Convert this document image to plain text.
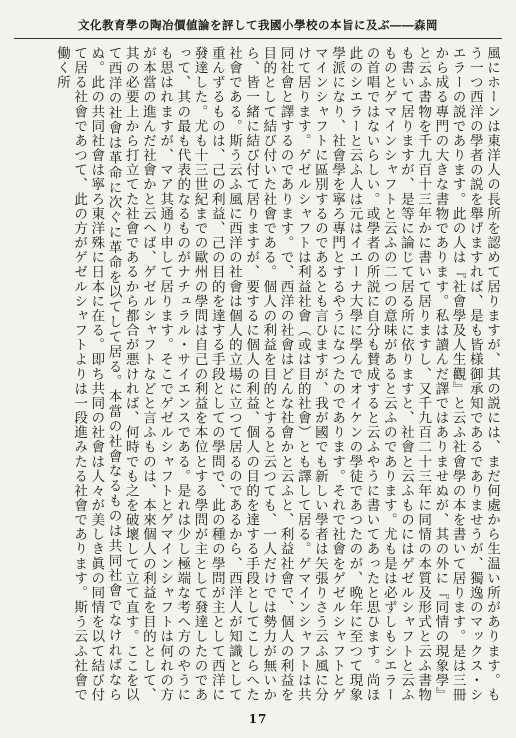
文化教育學の陶冶價値論を評して我國小學校の本旨に及ぶ――森岡

風にホーンは東洋人の長所を認めて居りますが、其の説には、まだ何處から生温い所があります。もう一つ西洋の學者の説を舉げますれば、是も皆様御承知であるでありませうが、獨逸のマックス・シエラーの説であります。此の人は『社會學及人生觀』と云ふ社會學の本を書いて居ります。是は三冊から成る專門の大きな書物であります。私は讀んだ譯ではありませぬが、其の外に『同情の現象學』と云ふ書物を千九百十三年かに書いて居りますし、又千九百二十三年に同情の本質及形式と云ふ書物も書いて居りますが、是等に論じて居る所に依りますと、社會と云ふものにはゲゼルシャフトと云ふものとゲマインシャフトと云ふの二つの意味があると云ふのであります。尤も是は必ずしもシエラーの首唱ではないらしい。或學者の所説に自分も賛成すると云ふやうに書いてあったと思ひます。尚ほ此のシエラーと云ふ人は元はイエーナ大學に學んでオイケンの學徒であつたのが、晩年に至つて現象學派になり、社會學を寧ろ專門とするやうになつたのであります。それで社會をゲゼルシャフトとゲマインシャフトに區別するのであるとも言ひますが、我が國でも新しい學者は矢張りさう云ふ風に分けて居ります。ゲゼルシャフトは利益社會（或は目的社會）とも譯して居る。ゲマインシャフトは共同社會と譯するのであります。で、西洋の社會はどんな社會かと云ふと、利益社會で、個人の利益を目的として結び付いた社會である。個人の利益を目的とすると云つても、一人だけでは勢力が無いから、皆一緒に結び付て居りますが、要するに個人の利益、個人の目的を達する手段としてこしらへた社會である。斯う云ふ風に西洋の社會は個人的立場に立つて居るのであるから、西洋人が知識として重んずるものは、己の利益、己の目的を達する手段としての學問で、此の種の學問が主として西洋に發達した。尤も十三世紀までの歐州の學問は自己の利益を本位とする學問が主として發達したのであって、其の最も代表的なるものがナチュラル・サイエンスである。是れは少し極端な考へ方のやうにも思はれますが、マア其通り申して居ります。そこでゲゼルシャフトとゲマインシャフトは何れの方が本當の進んだ社會かと云へば、ゲゼルシャフトなどと言ふものは、本來個人の利益を目的として、其の必要上から打立てた社會であるから都合が悪ければ、何時でも之を破壞して立て直す。ここを以て西洋の社會は革命に次ぐに革命を以てして居る。本當の社會なるものは共同社會でなければならぬ。此の共同社會は寧ろ東洋殊に日本に在る。即ち共同の社會は人々が美しき眞の同情を以て結び付て居る社會であつて、此の方がゲゼルシャフトよりは一段進みたる社會であります。斯う云ふ社會で働く所

17
